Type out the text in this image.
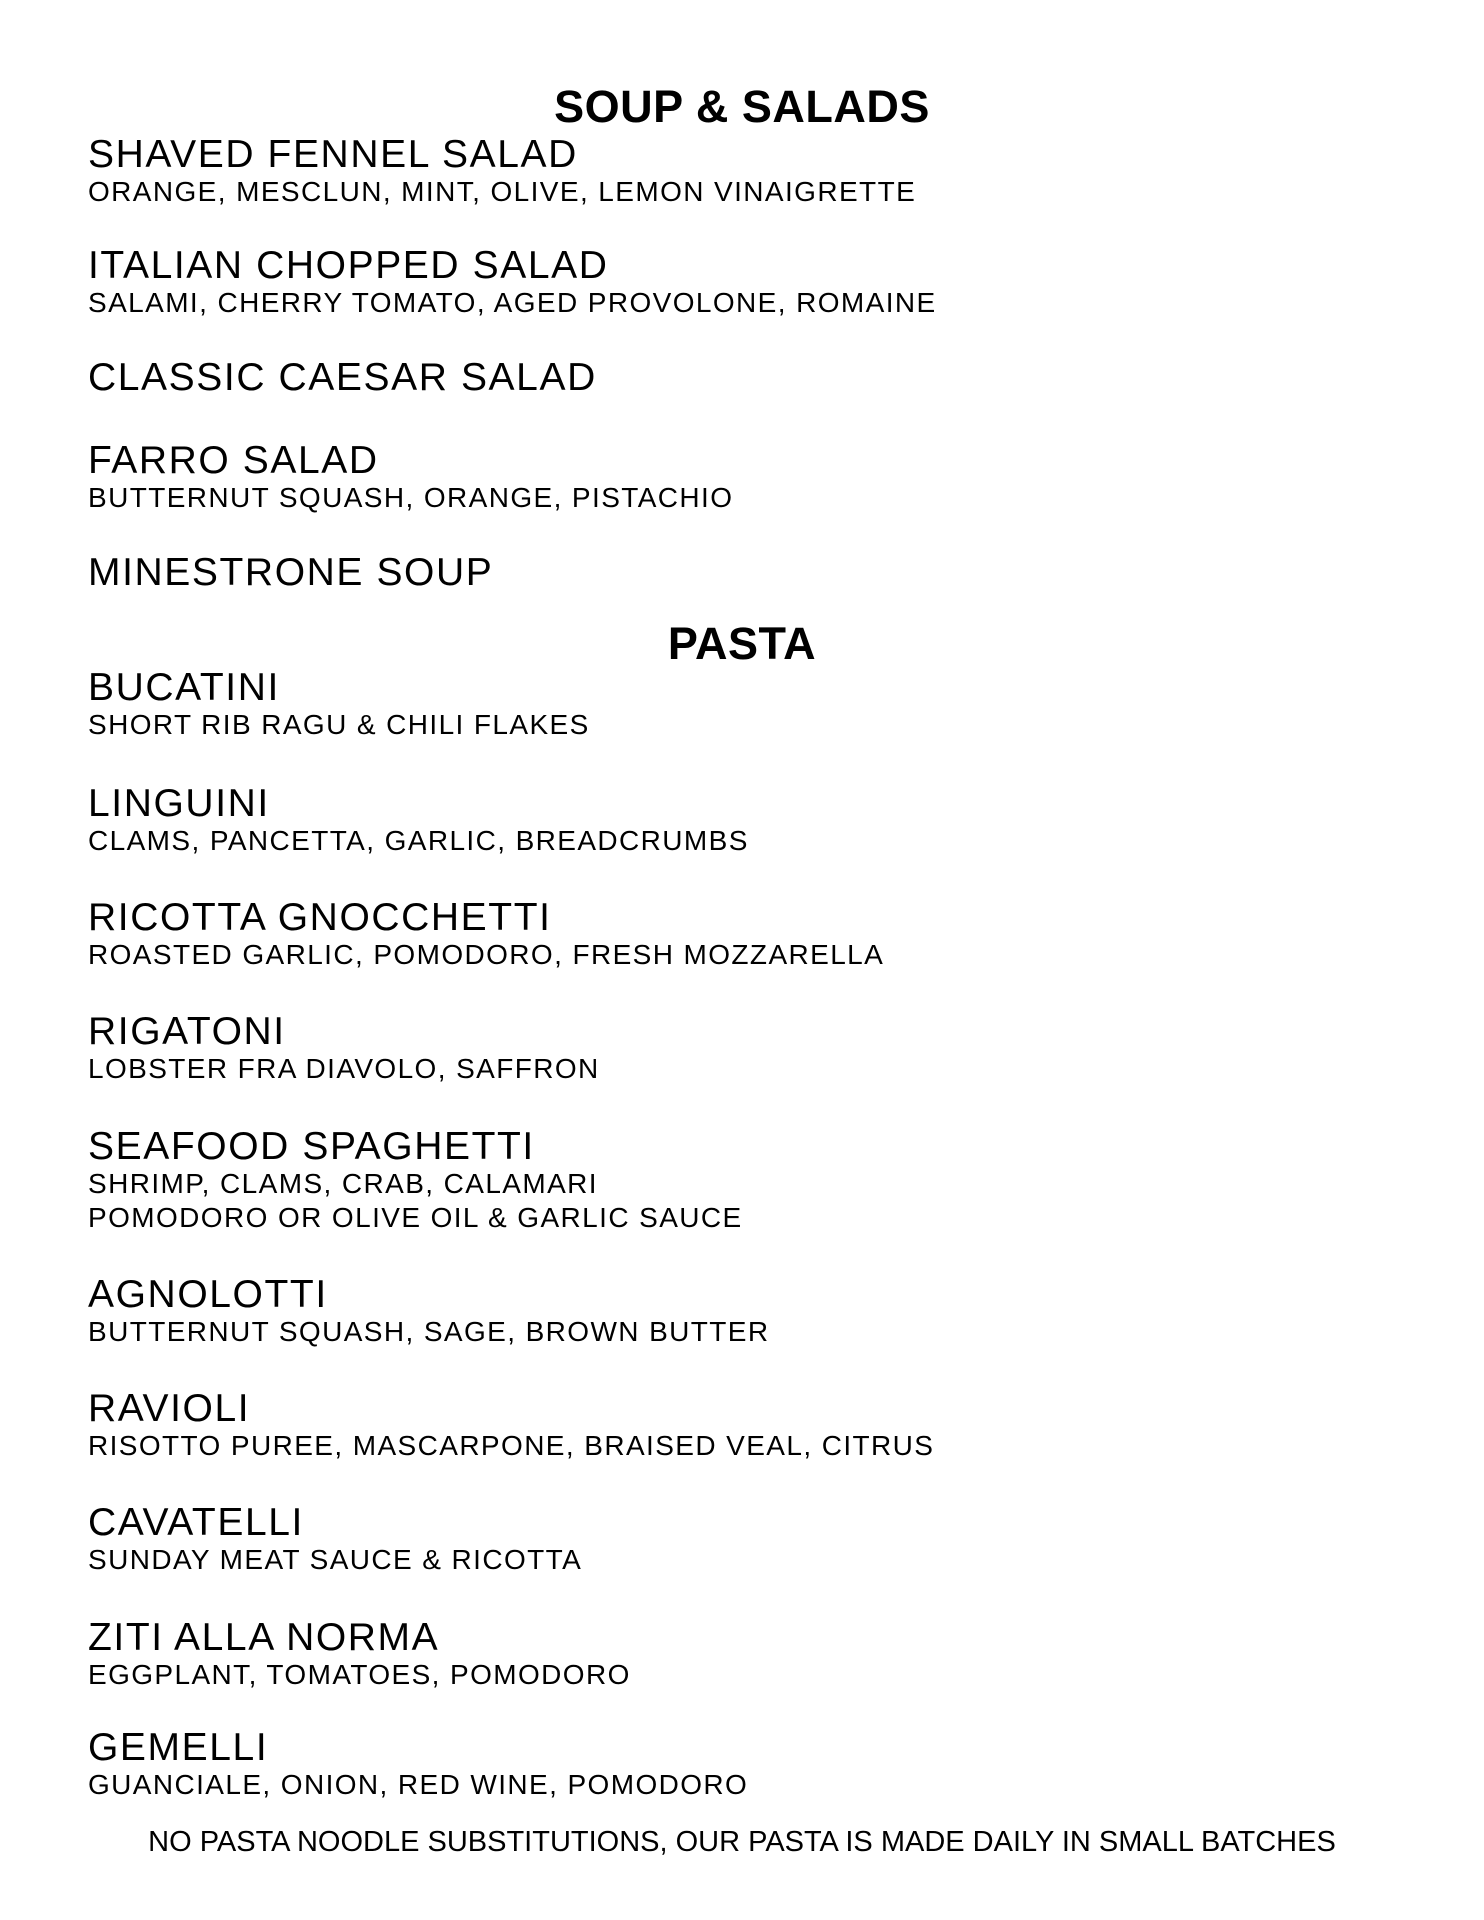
SOUP & SALADS
SHAVED FENNEL SALAD
ORANGE, MESCLUN, MINT, OLIVE, LEMON VINAIGRETTE
ITALIAN CHOPPED SALAD
SALAMI, CHERRY TOMATO, AGED PROVOLONE, ROMAINE
CLASSIC CAESAR SALAD
FARRO SALAD
BUTTERNUT SQUASH, ORANGE, PISTACHIO
MINESTRONE SOUP
PASTA
BUCATINI
SHORT RIB RAGU & CHILI FLAKES
LINGUINI
CLAMS, PANCETTA, GARLIC, BREADCRUMBS
RICOTTA GNOCCHETTI
ROASTED GARLIC, POMODORO, FRESH MOZZARELLA
RIGATONI
LOBSTER FRA DIAVOLO, SAFFRON
SEAFOOD SPAGHETTI
SHRIMP, CLAMS, CRAB, CALAMARI
POMODORO OR OLIVE OIL & GARLIC SAUCE
AGNOLOTTI
BUTTERNUT SQUASH, SAGE, BROWN BUTTER
RAVIOLI
RISOTTO PUREE, MASCARPONE, BRAISED VEAL, CITRUS
CAVATELLI
SUNDAY MEAT SAUCE & RICOTTA
ZITI ALLA NORMA
EGGPLANT, TOMATOES, POMODORO
GEMELLI
GUANCIALE, ONION, RED WINE, POMODORO
NO PASTA NOODLE SUBSTITUTIONS, OUR PASTA IS MADE DAILY IN SMALL BATCHES
